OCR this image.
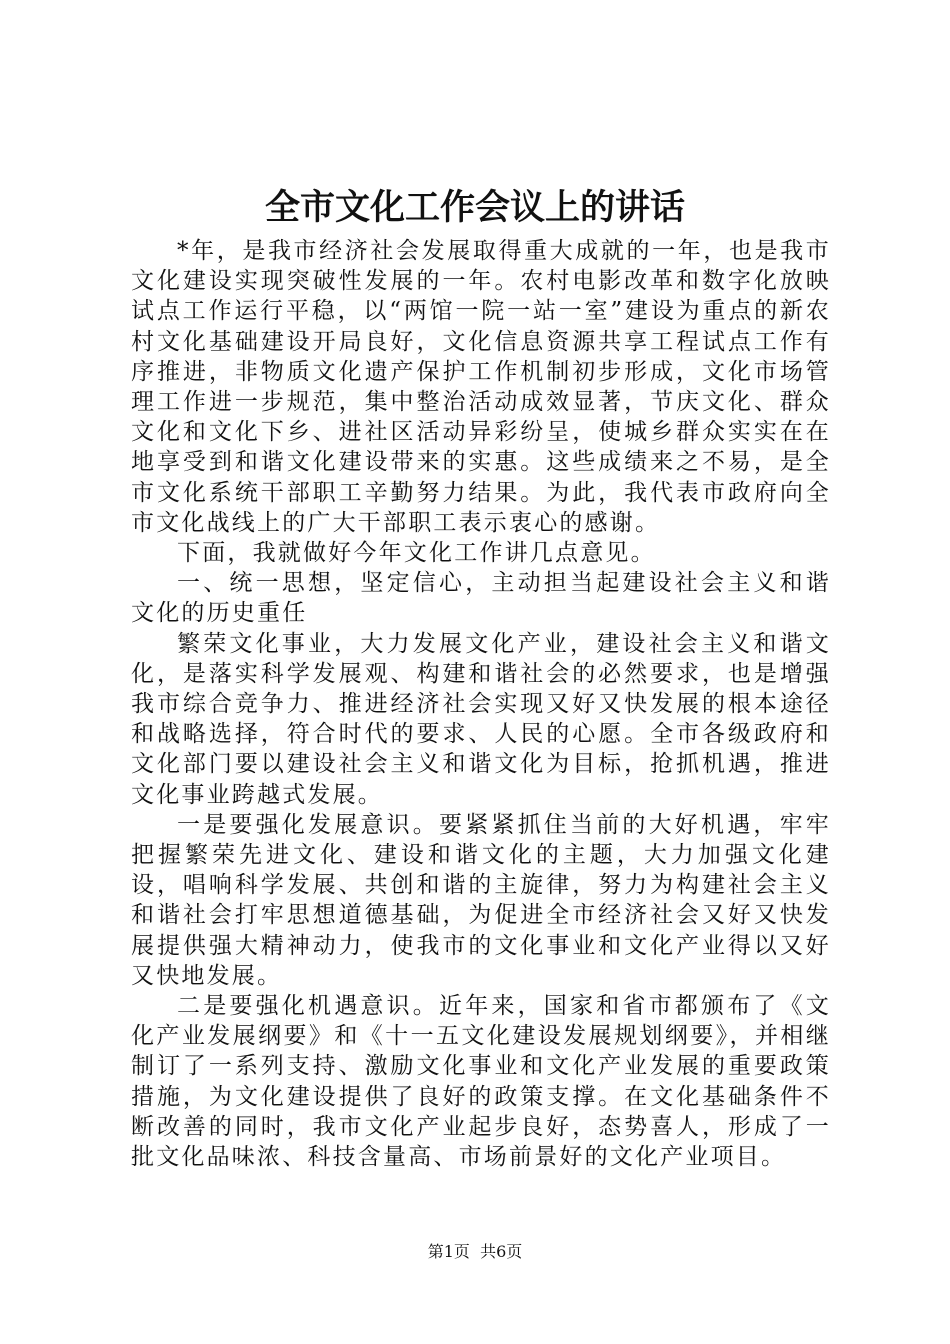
全市文化工作会议上的讲话

*年，是我市经济社会发展取得重大成就的一年，也是我市文化建设实现突破性发展的一年。农村电影改革和数字化放映试点工作运行平稳，以“两馆一院一站一室”建设为重点的新农村文化基础建设开局良好，文化信息资源共享工程试点工作有序推进，非物质文化遗产保护工作机制初步形成，文化市场管理工作进一步规范，集中整治活动成效显著，节庆文化、群众文化和文化下乡、进社区活动异彩纷呈，使城乡群众实实在在地享受到和谐文化建设带来的实惠。这些成绩来之不易，是全市文化系统干部职工辛勤努力结果。为此，我代表市政府向全市文化战线上的广大干部职工表示衷心的感谢。

下面，我就做好今年文化工作讲几点意见。

一、统一思想，坚定信心，主动担当起建设社会主义和谐文化的历史重任

繁荣文化事业，大力发展文化产业，建设社会主义和谐文化，是落实科学发展观、构建和谐社会的必然要求，也是增强我市综合竞争力、推进经济社会实现又好又快发展的根本途径和战略选择，符合时代的要求、人民的心愿。全市各级政府和文化部门要以建设社会主义和谐文化为目标，抢抓机遇，推进文化事业跨越式发展。

一是要强化发展意识。要紧紧抓住当前的大好机遇，牢牢把握繁荣先进文化、建设和谐文化的主题，大力加强文化建设，唱响科学发展、共创和谐的主旋律，努力为构建社会主义和谐社会打牢思想道德基础，为促进全市经济社会又好又快发展提供强大精神动力，使我市的文化事业和文化产业得以又好又快地发展。

二是要强化机遇意识。近年来，国家和省市都颁布了《文化产业发展纲要》和《十一五文化建设发展规划纲要》，并相继制订了一系列支持、激励文化事业和文化产业发展的重要政策措施，为文化建设提供了良好的政策支撑。在文化基础条件不断改善的同时，我市文化产业起步良好，态势喜人，形成了一批文化品味浓、科技含量高、市场前景好的文化产业项目。

第1页 共6页
